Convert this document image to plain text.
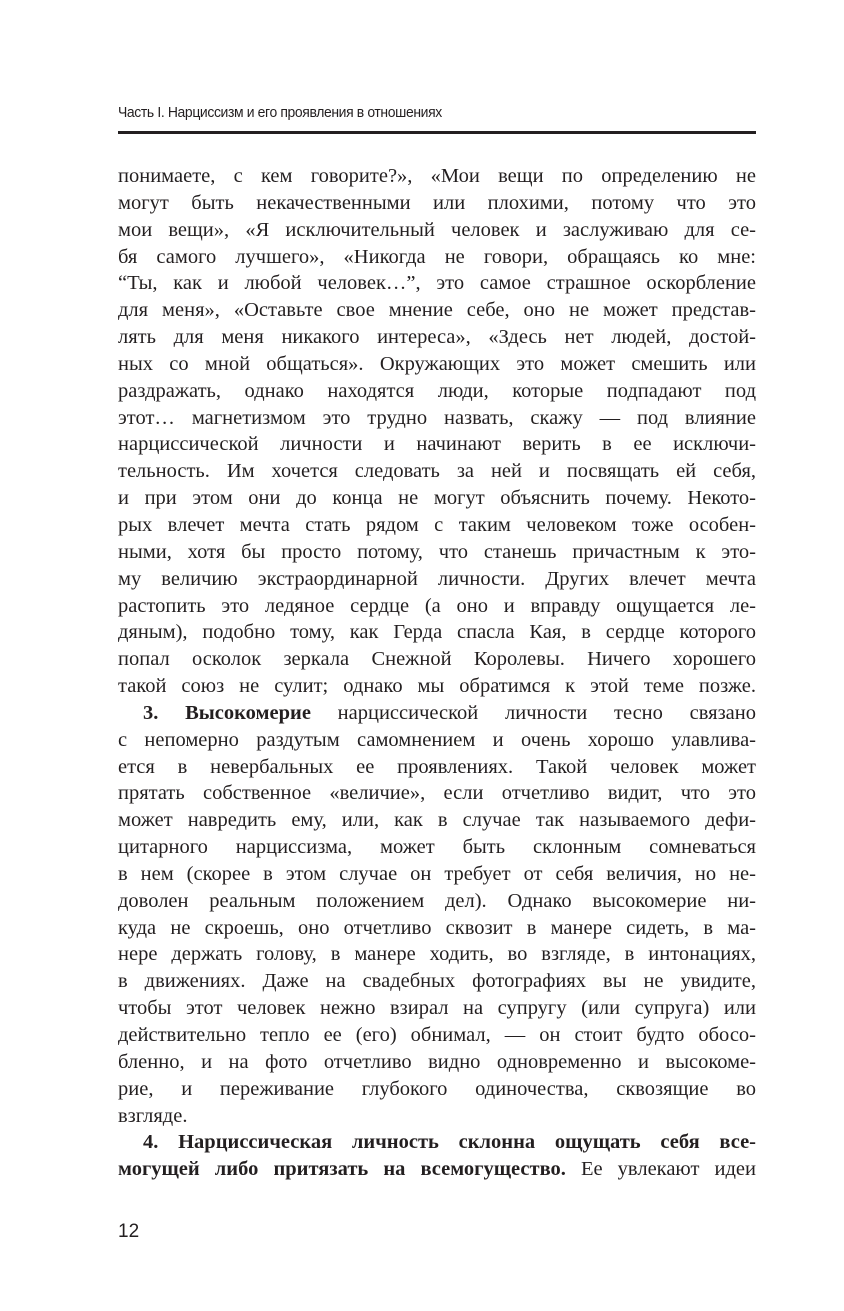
Часть I. Нарциссизм и его проявления в отношениях
понимаете, с кем говорите?», «Мои вещи по определению не
могут быть некачественными или плохими, потому что это
мои вещи», «Я исключительный человек и заслуживаю для се-
бя самого лучшего», «Никогда не говори, обращаясь ко мне:
“Ты, как и любой человек…”, это самое страшное оскорбление
для меня», «Оставьте свое мнение себе, оно не может представ-
лять для меня никакого интереса», «Здесь нет людей, достой-
ных со мной общаться». Окружающих это может смешить или
раздражать, однако находятся люди, которые подпадают под
этот… магнетизмом это трудно назвать, скажу — под влияние
нарциссической личности и начинают верить в ее исключи-
тельность. Им хочется следовать за ней и посвящать ей себя,
и при этом они до конца не могут объяснить почему. Некото-
рых влечет мечта стать рядом с таким человеком тоже особен-
ными, хотя бы просто потому, что станешь причастным к это-
му величию экстраординарной личности. Других влечет мечта
растопить это ледяное сердце (а оно и вправду ощущается ле-
дяным), подобно тому, как Герда спасла Кая, в сердце которого
попал осколок зеркала Снежной Королевы. Ничего хорошего
такой союз не сулит; однако мы обратимся к этой теме позже.
3. Высокомерие нарциссической личности тесно связано
с непомерно раздутым самомнением и очень хорошо улавлива-
ется в невербальных ее проявлениях. Такой человек может
прятать собственное «величие», если отчетливо видит, что это
может навредить ему, или, как в случае так называемого дефи-
цитарного нарциссизма, может быть склонным сомневаться
в нем (скорее в этом случае он требует от себя величия, но не-
доволен реальным положением дел). Однако высокомерие ни-
куда не скроешь, оно отчетливо сквозит в манере сидеть, в ма-
нере держать голову, в манере ходить, во взгляде, в интонациях,
в движениях. Даже на свадебных фотографиях вы не увидите,
чтобы этот человек нежно взирал на супругу (или супруга) или
действительно тепло ее (его) обнимал, — он стоит будто обосо-
бленно, и на фото отчетливо видно одновременно и высокоме-
рие, и переживание глубокого одиночества, сквозящие во
взгляде.
4. Нарциссическая личность склонна ощущать себя все-
могущей либо притязать на всемогущество. Ее увлекают идеи
12
